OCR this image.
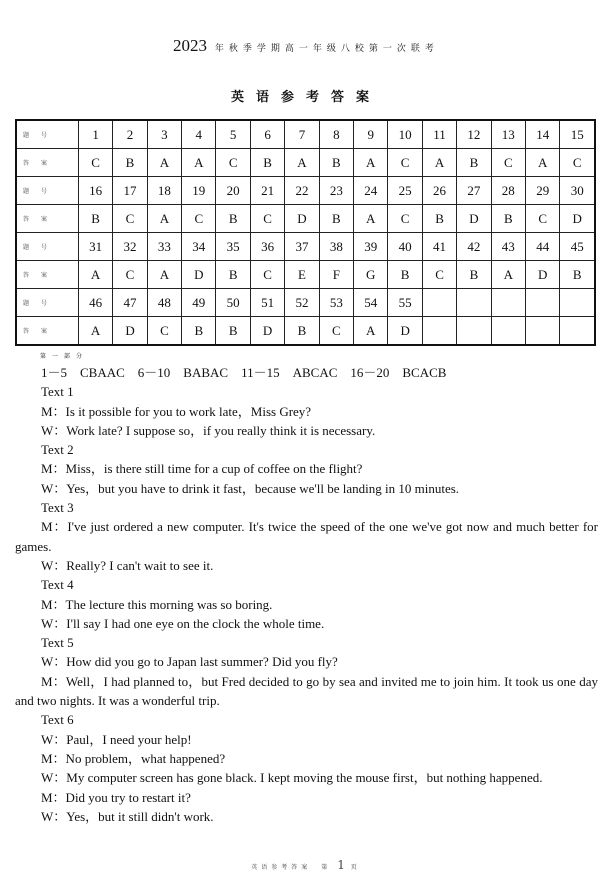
2023 年秋季学期高一年级八校第一次联考
英语参考答案
题号	1	2	3	4	5	6	7	8	9	10	11	12	13	14	15
答案	C	B	A	A	C	B	A	B	A	C	A	B	C	A	C
题号	16	17	18	19	20	21	22	23	24	25	26	27	28	29	30
答案	B	C	A	C	B	C	D	B	A	C	B	D	B	C	D
题号	31	32	33	34	35	36	37	38	39	40	41	42	43	44	45
答案	A	C	A	D	B	C	E	F	G	B	C	B	A	D	B
题号	46	47	48	49	50	51	52	53	54	55					
答案	A	D	C	B	B	D	B	C	A	D					
第一部分

1－5　CBAAC　6－10　BABAC　11－15　ABCAC　16－20　BCACB

Text 1

M：Is it possible for you to work late，Miss Grey?

W：Work late? I suppose so，if you really think it is necessary.

Text 2

M：Miss，is there still time for a cup of coffee on the flight?

W：Yes，but you have to drink it fast，because we'll be landing in 10 minutes.

Text 3

M：I've just ordered a new computer. It's twice the speed of the one we've got now and much better for games.

W：Really? I can't wait to see it.

Text 4

M：The lecture this morning was so boring.

W：I'll say I had one eye on the clock the whole time.

Text 5

W：How did you go to Japan last summer? Did you fly?

M：Well，I had planned to，but Fred decided to go by sea and invited me to join him. It took us one day and two nights. It was a wonderful trip.

Text 6

W：Paul，I need your help!

M：No problem，what happened?

W：My computer screen has gone black. I kept moving the mouse first，but nothing happened.

M：Did you try to restart it?

W：Yes，but it still didn't work.

英语参考答案　 第 1 页
